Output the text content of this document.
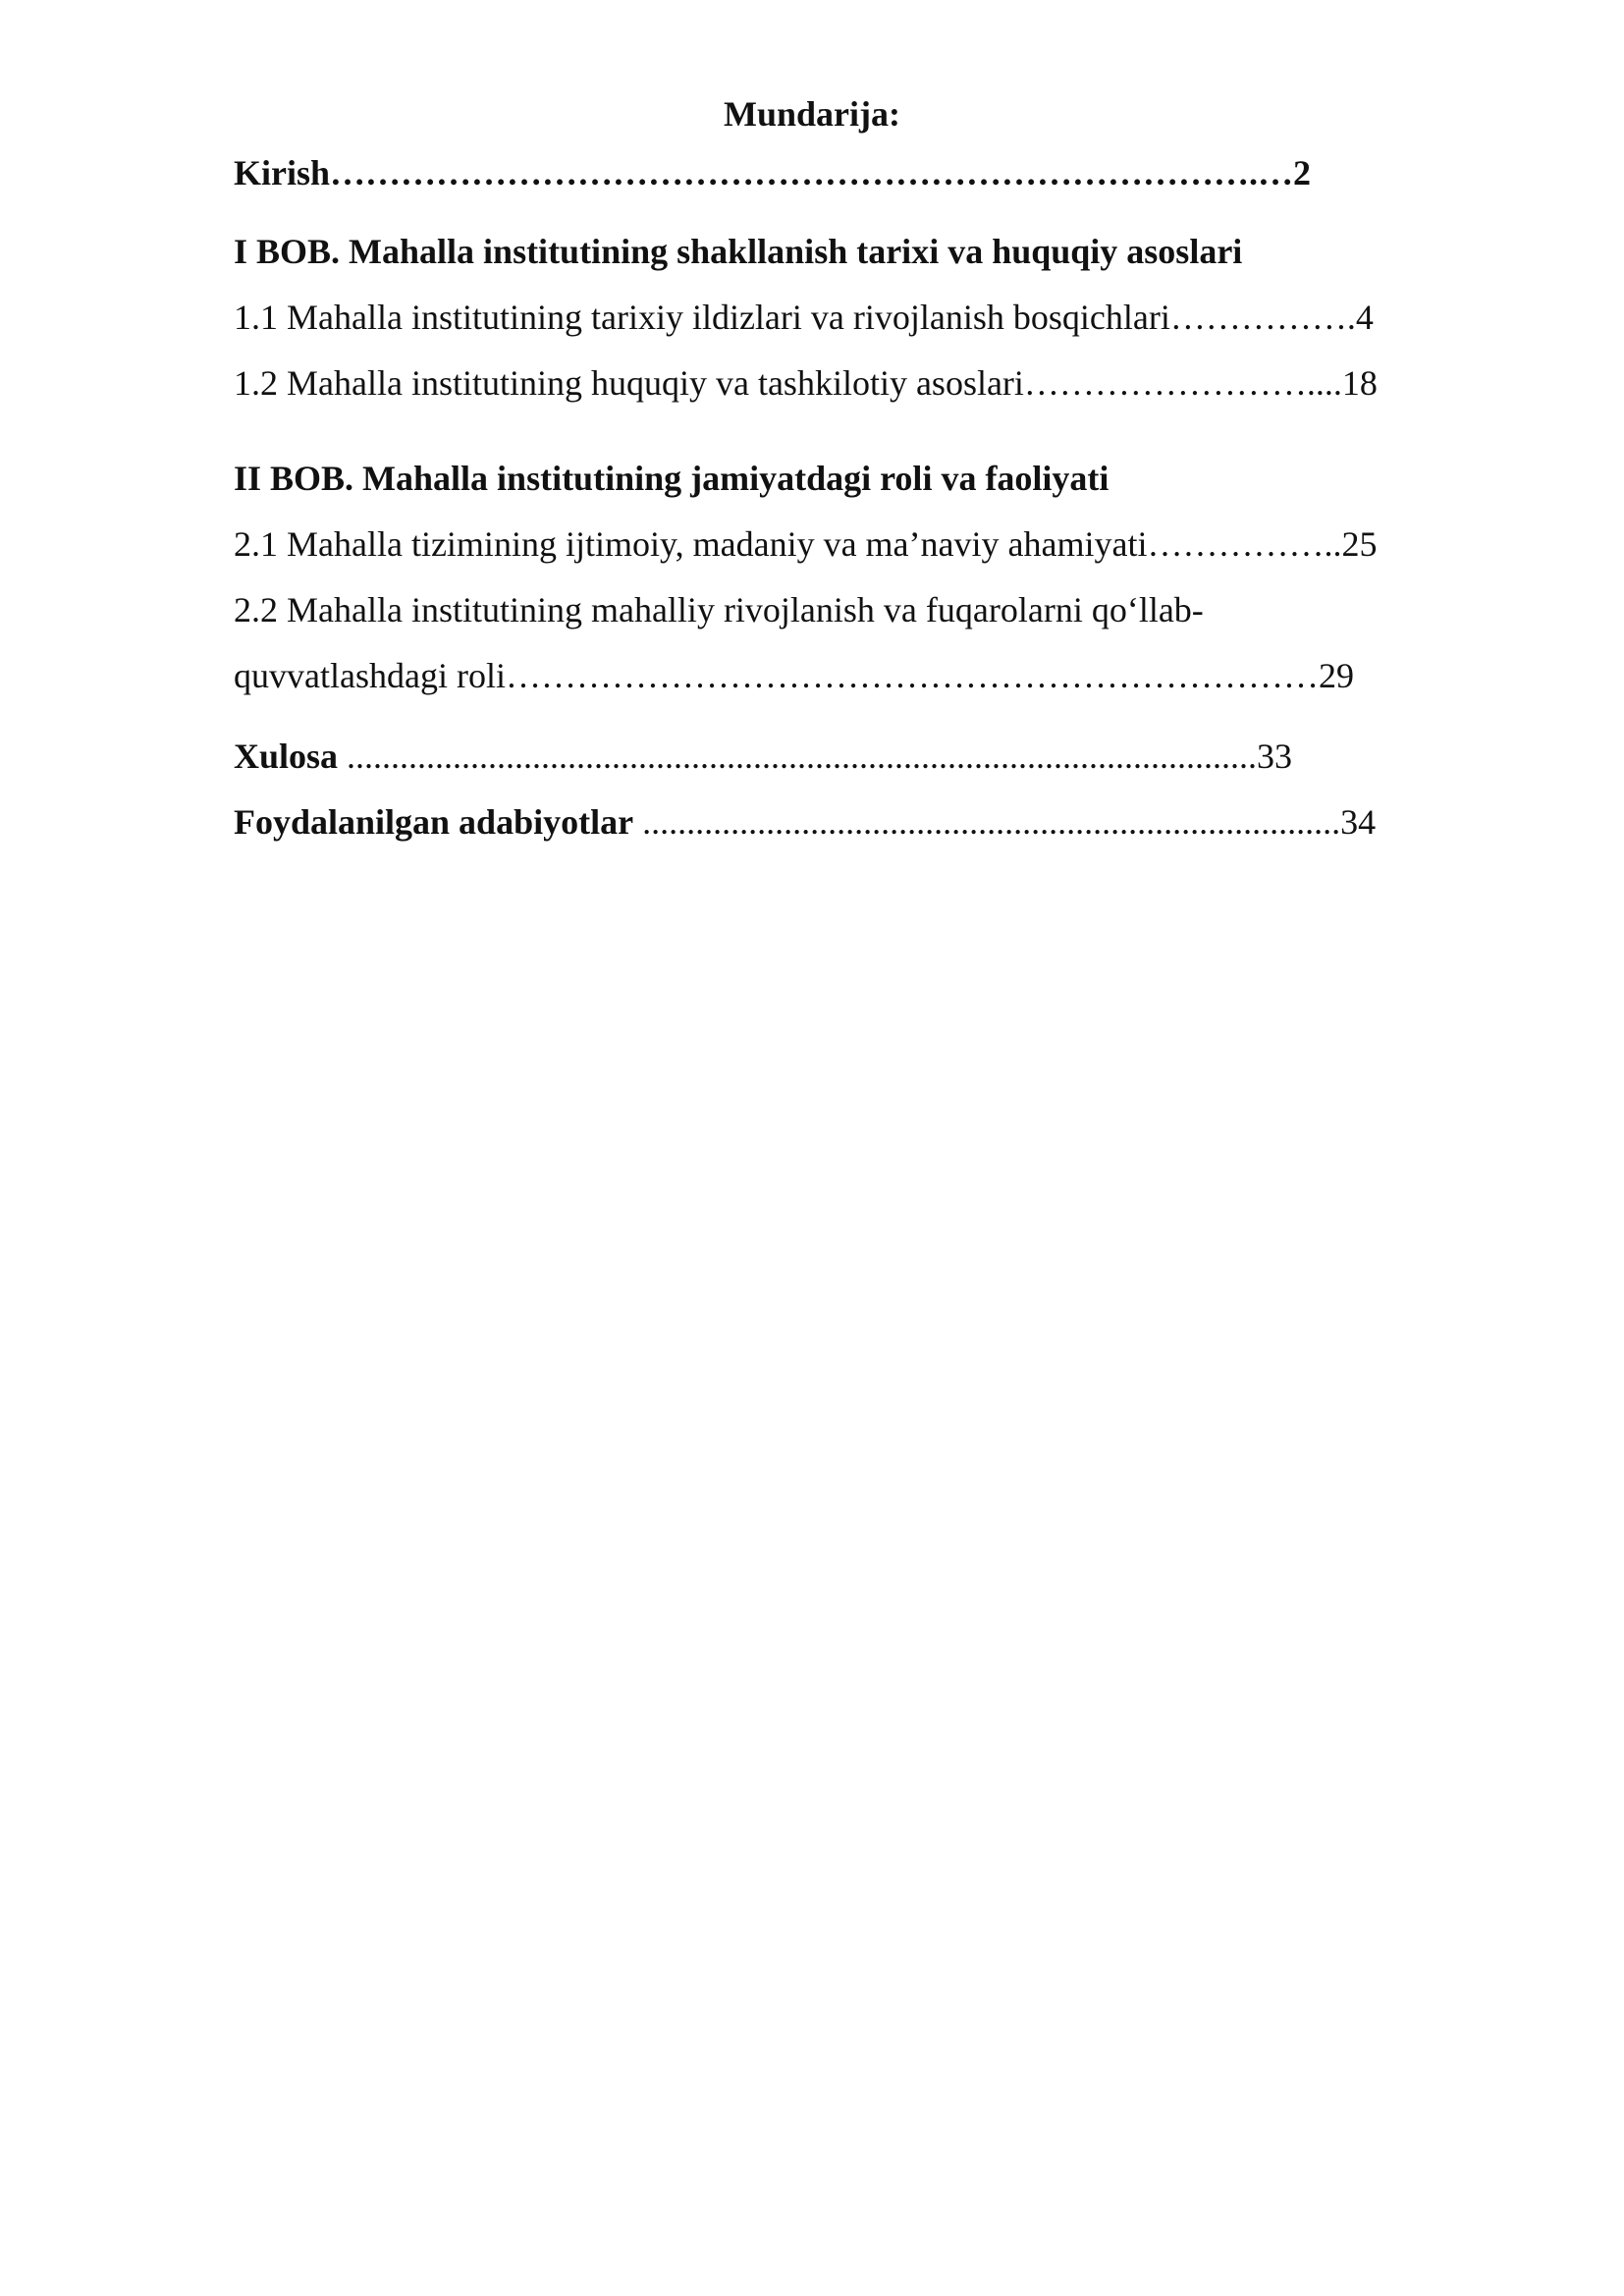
Mundarija:

Kirish…………………………………………………………………….…2

I BOB. Mahalla institutining shakllanish tarixi va huquqiy asoslari

1.1 Mahalla institutining tarixiy ildizlari va rivojlanish bosqichlari…………….4

1.2 Mahalla institutining huquqiy va tashkilotiy asoslari……………………....18

II BOB. Mahalla institutining jamiyatdagi roli va faoliyati

2.1 Mahalla tizimining ijtimoiy, madaniy va ma’naviy ahamiyati……………..25

2.2 Mahalla institutining mahalliy rivojlanish va fuqarolarni qo‘llab-

quvvatlashdagi roli……………………………………………………………29

Xulosa .......................................................................................................33

Foydalanilgan adabiyotlar ...............................................................................34
